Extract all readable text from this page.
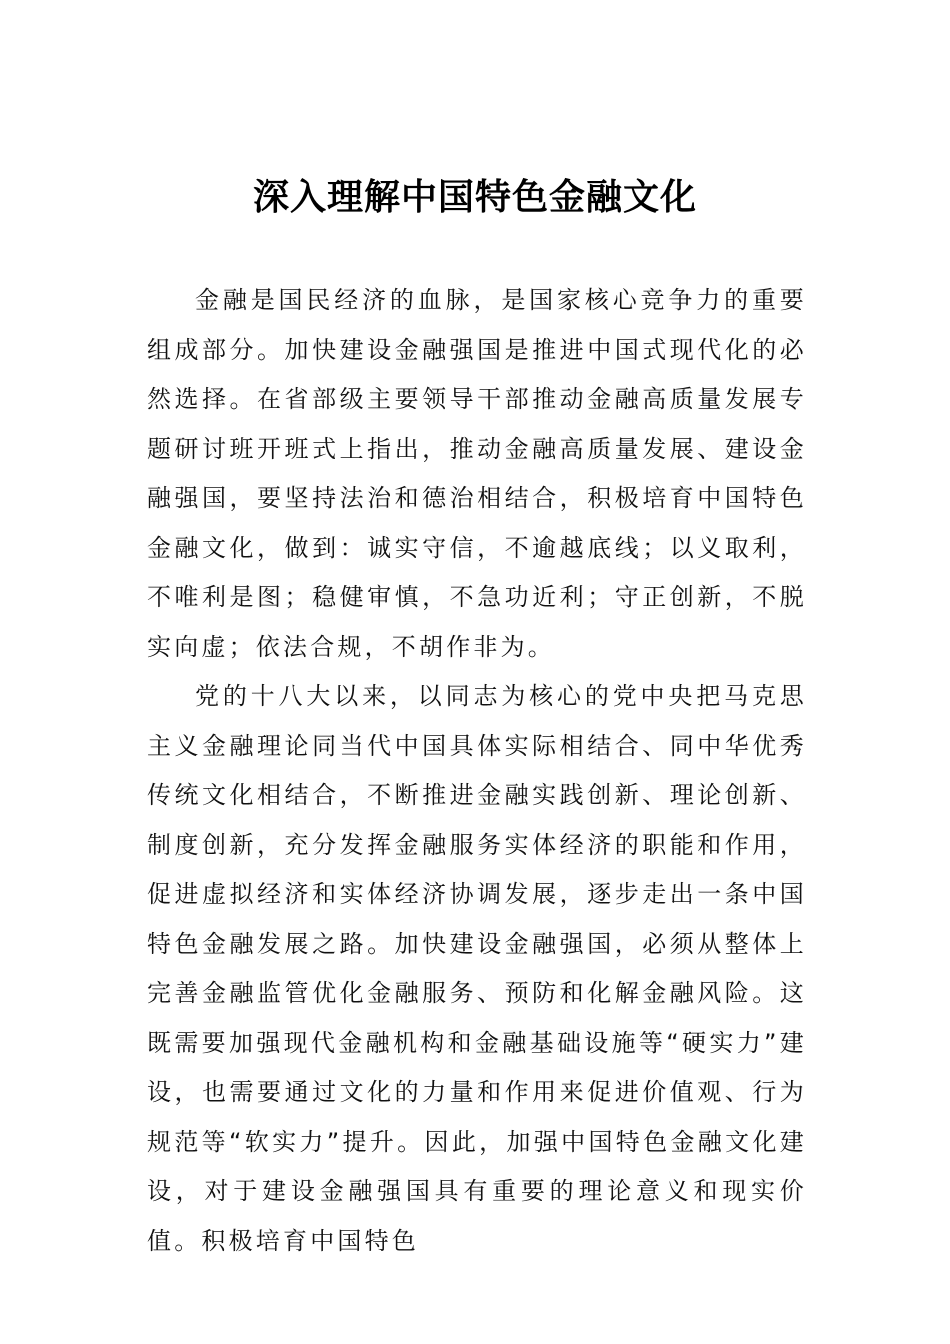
深入理解中国特色金融文化

金融是国民经济的血脉，是国家核心竞争力的重要组成部分。加快建设金融强国是推进中国式现代化的必然选择。在省部级主要领导干部推动金融高质量发展专题研讨班开班式上指出，推动金融高质量发展、建设金融强国，要坚持法治和德治相结合，积极培育中国特色金融文化，做到：诚实守信，不逾越底线；以义取利，不唯利是图；稳健审慎，不急功近利；守正创新，不脱实向虚；依法合规，不胡作非为。

党的十八大以来，以同志为核心的党中央把马克思主义金融理论同当代中国具体实际相结合、同中华优秀传统文化相结合，不断推进金融实践创新、理论创新、制度创新，充分发挥金融服务实体经济的职能和作用，促进虚拟经济和实体经济协调发展，逐步走出一条中国特色金融发展之路。加快建设金融强国，必须从整体上完善金融监管优化金融服务、预防和化解金融风险。这既需要加强现代金融机构和金融基础设施等“硬实力”建设，也需要通过文化的力量和作用来促进价值观、行为规范等“软实力”提升。因此，加强中国特色金融文化建设，对于建设金融强国具有重要的理论意义和现实价值。积极培育中国特色
